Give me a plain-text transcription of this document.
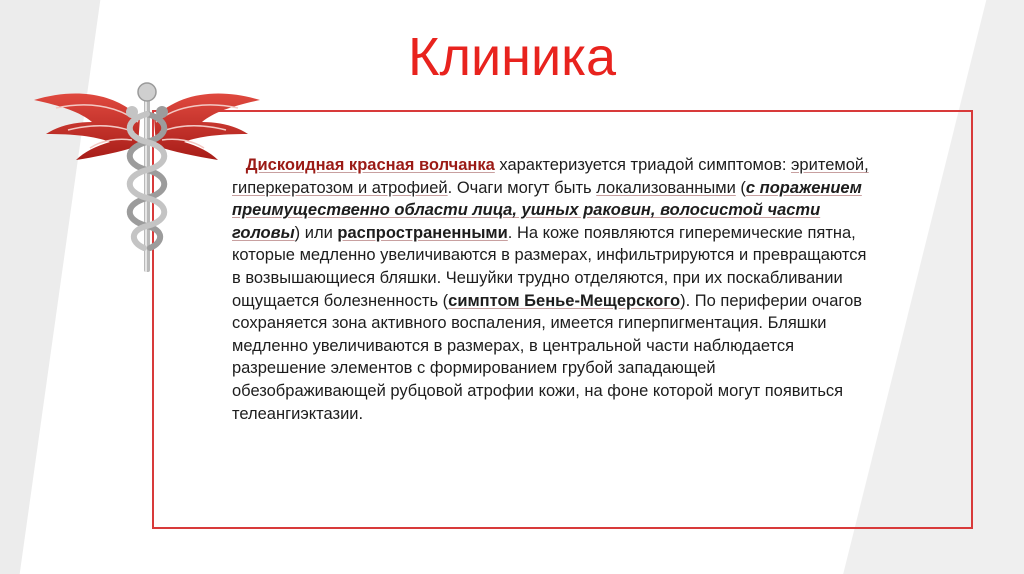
Клиника
Дискоидная красная волчанка характеризуется триадой симптомов: эритемой, гиперкератозом и атрофией. Очаги могут быть локализованными (с поражением преимущественно области лица, ушных раковин, волосистой части головы) или распространенными. На коже появляются гиперемические пятна, которые медленно увеличиваются в размерах, инфильтрируются и превращаются в возвышающиеся бляшки. Чешуйки трудно отделяются, при их поскабливании ощущается болезненность (симптом Бенье-Мещерского). По периферии очагов сохраняется зона активного воспаления, имеется гиперпигментация. Бляшки медленно увеличиваются в размерах, в центральной части наблюдается разрешение элементов с формированием грубой западающей обезображивающей рубцовой атрофии кожи, на фоне которой могут появиться телеангиэктазии.
